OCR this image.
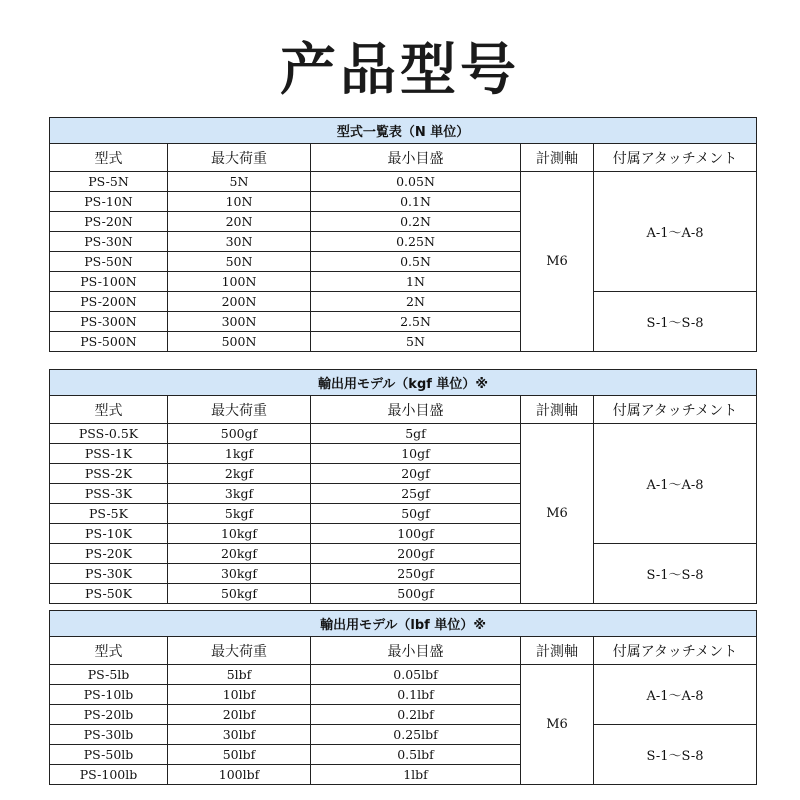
产品型号
型式一覧表（N 単位）				
型式	最大荷重	最小目盛	計測軸	付属アタッチメント
PS-5N	5N	0.05N	M6	A-1～A-8
PS-10N	10N	0.1N		
PS-20N	20N	0.2N		
PS-30N	30N	0.25N		
PS-50N	50N	0.5N		
PS-100N	100N	1N		
PS-200N	200N	2N		S-1～S-8
PS-300N	300N	2.5N		
PS-500N	500N	5N		
輸出用モデル（kgf 単位）※				
型式	最大荷重	最小目盛	計測軸	付属アタッチメント
PSS-0.5K	500gf	5gf	M6	A-1～A-8
PSS-1K	1kgf	10gf		
PSS-2K	2kgf	20gf		
PSS-3K	3kgf	25gf		
PS-5K	5kgf	50gf		
PS-10K	10kgf	100gf		
PS-20K	20kgf	200gf		S-1～S-8
PS-30K	30kgf	250gf		
PS-50K	50kgf	500gf		
輸出用モデル（lbf 単位）※				
型式	最大荷重	最小目盛	計測軸	付属アタッチメント
PS-5lb	5lbf	0.05lbf	M6	A-1～A-8
PS-10lb	10lbf	0.1lbf		
PS-20lb	20lbf	0.2lbf		
PS-30lb	30lbf	0.25lbf		S-1～S-8
PS-50lb	50lbf	0.5lbf		
PS-100lb	100lbf	1lbf		
